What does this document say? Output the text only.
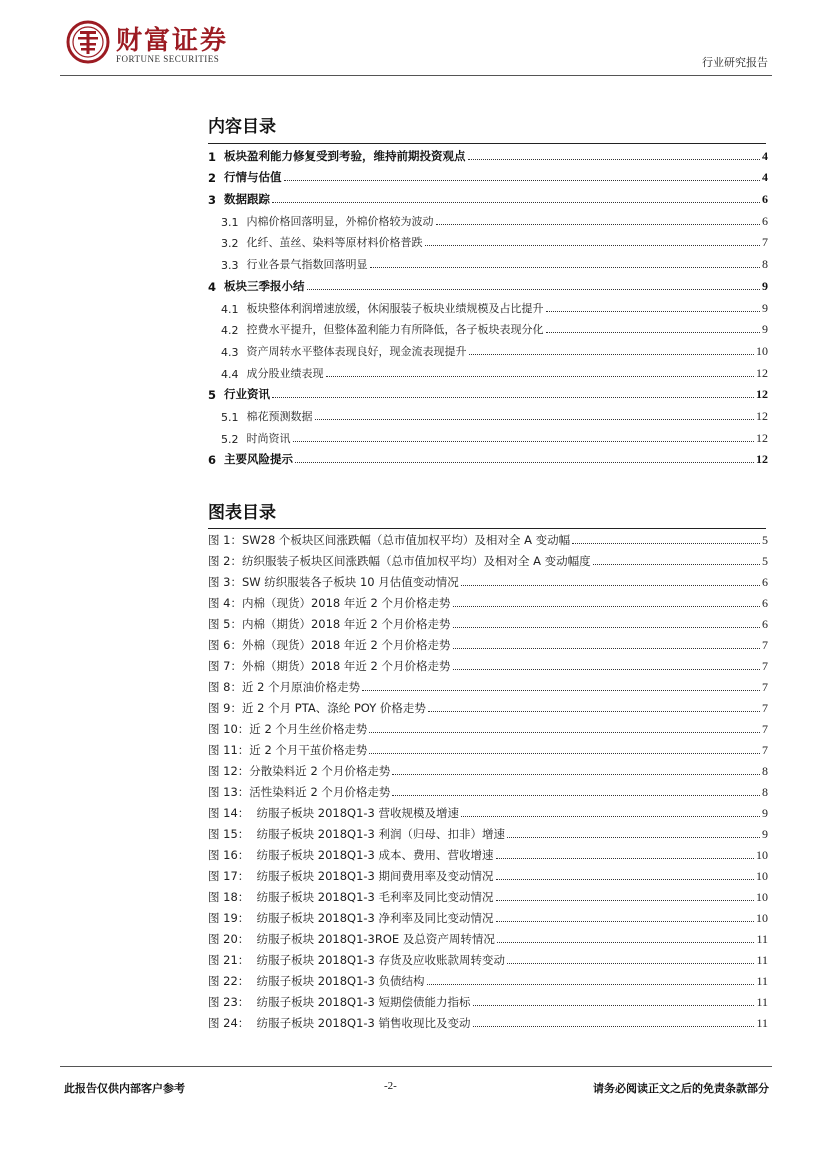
财富证券
FORTUNE SECURITIES	行业研究报告
内容目录
1 板块盈利能力修复受到考验，维持前期投资观点	4
2 行情与估值	4
3 数据跟踪	6
3.1 内棉价格回落明显，外棉价格较为波动	6
3.2 化纤、茧丝、染料等原材料价格普跌	7
3.3 行业各景气指数回落明显	8
4 板块三季报小结	9
4.1 板块整体利润增速放缓，休闲服装子板块业绩规模及占比提升	9
4.2 控费水平提升，但整体盈利能力有所降低，各子板块表现分化	9
4.3 资产周转水平整体表现良好，现金流表现提升	10
4.4 成分股业绩表现	12
5 行业资讯	12
5.1 棉花预测数据	12
5.2 时尚资讯	12
6 主要风险提示	12
图表目录
图 1：SW28 个板块区间涨跌幅（总市值加权平均）及相对全 A 变动幅	5
图 2：纺织服装子板块区间涨跌幅（总市值加权平均）及相对全 A 变动幅度	5
图 3：SW 纺织服装各子板块 10 月估值变动情况	6
图 4：内棉（现货）2018 年近 2 个月价格走势	6
图 5：内棉（期货）2018 年近 2 个月价格走势	6
图 6：外棉（现货）2018 年近 2 个月价格走势	7
图 7：外棉（期货）2018 年近 2 个月价格走势	7
图 8：近 2 个月原油价格走势	7
图 9：近 2 个月 PTA、涤纶 POY 价格走势	7
图 10：近 2 个月生丝价格走势	7
图 11：近 2 个月干茧价格走势	7
图 12：分散染料近 2 个月价格走势	8
图 13：活性染料近 2 个月价格走势	8
图 14：  纺服子板块 2018Q1-3 营收规模及增速	9
图 15：  纺服子板块 2018Q1-3 利润（归母、扣非）增速	9
图 16：  纺服子板块 2018Q1-3 成本、费用、营收增速	10
图 17：  纺服子板块 2018Q1-3 期间费用率及变动情况	10
图 18：  纺服子板块 2018Q1-3 毛利率及同比变动情况	10
图 19：  纺服子板块 2018Q1-3 净利率及同比变动情况	10
图 20：  纺服子板块 2018Q1-3ROE 及总资产周转情况	11
图 21：  纺服子板块 2018Q1-3 存货及应收账款周转变动	11
图 22：  纺服子板块 2018Q1-3 负债结构	11
图 23：  纺服子板块 2018Q1-3 短期偿债能力指标	11
图 24：  纺服子板块 2018Q1-3 销售收现比及变动	11
此报告仅供内部客户参考	-2-	请务必阅读正文之后的免责条款部分
